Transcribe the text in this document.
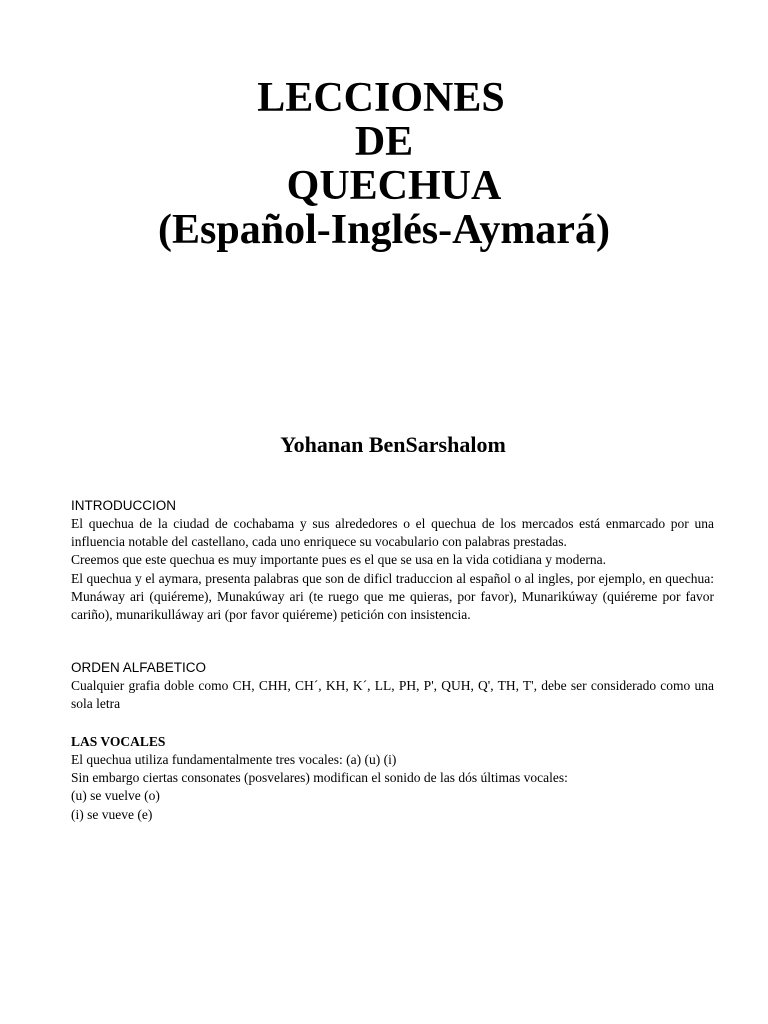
LECCIONES
DE
QUECHUA
(Español-Inglés-Aymará)
Yohanan BenSarshalom
INTRODUCCION

El quechua de la ciudad de cochabama y sus alrededores o el quechua de los mercados está enmarcado por una influencia notable del castellano, cada uno enriquece su vocabulario con palabras prestadas.

Creemos que este quechua es muy importante pues es el que se usa en la vida cotidiana y moderna.

El quechua y el aymara, presenta palabras que son de dificl traduccion al español o al ingles, por ejemplo, en quechua: Munáway ari (quiéreme), Munakúway ari (te ruego que me quieras, por favor), Munarikúway (quiéreme por favor cariño), munarikulláway ari (por favor quiéreme) petición con insistencia.

ORDEN ALFABETICO

Cualquier grafia doble como CH, CHH, CH´, KH, K´, LL, PH, P', QUH, Q', TH, T', debe ser considerado como una sola letra

LAS VOCALES

El quechua utiliza fundamentalmente tres vocales: (a) (u) (i)

Sin embargo ciertas consonates (posvelares) modifican el sonido de las dós últimas vocales:

(u) se vuelve (o)

(i) se vueve (e)
